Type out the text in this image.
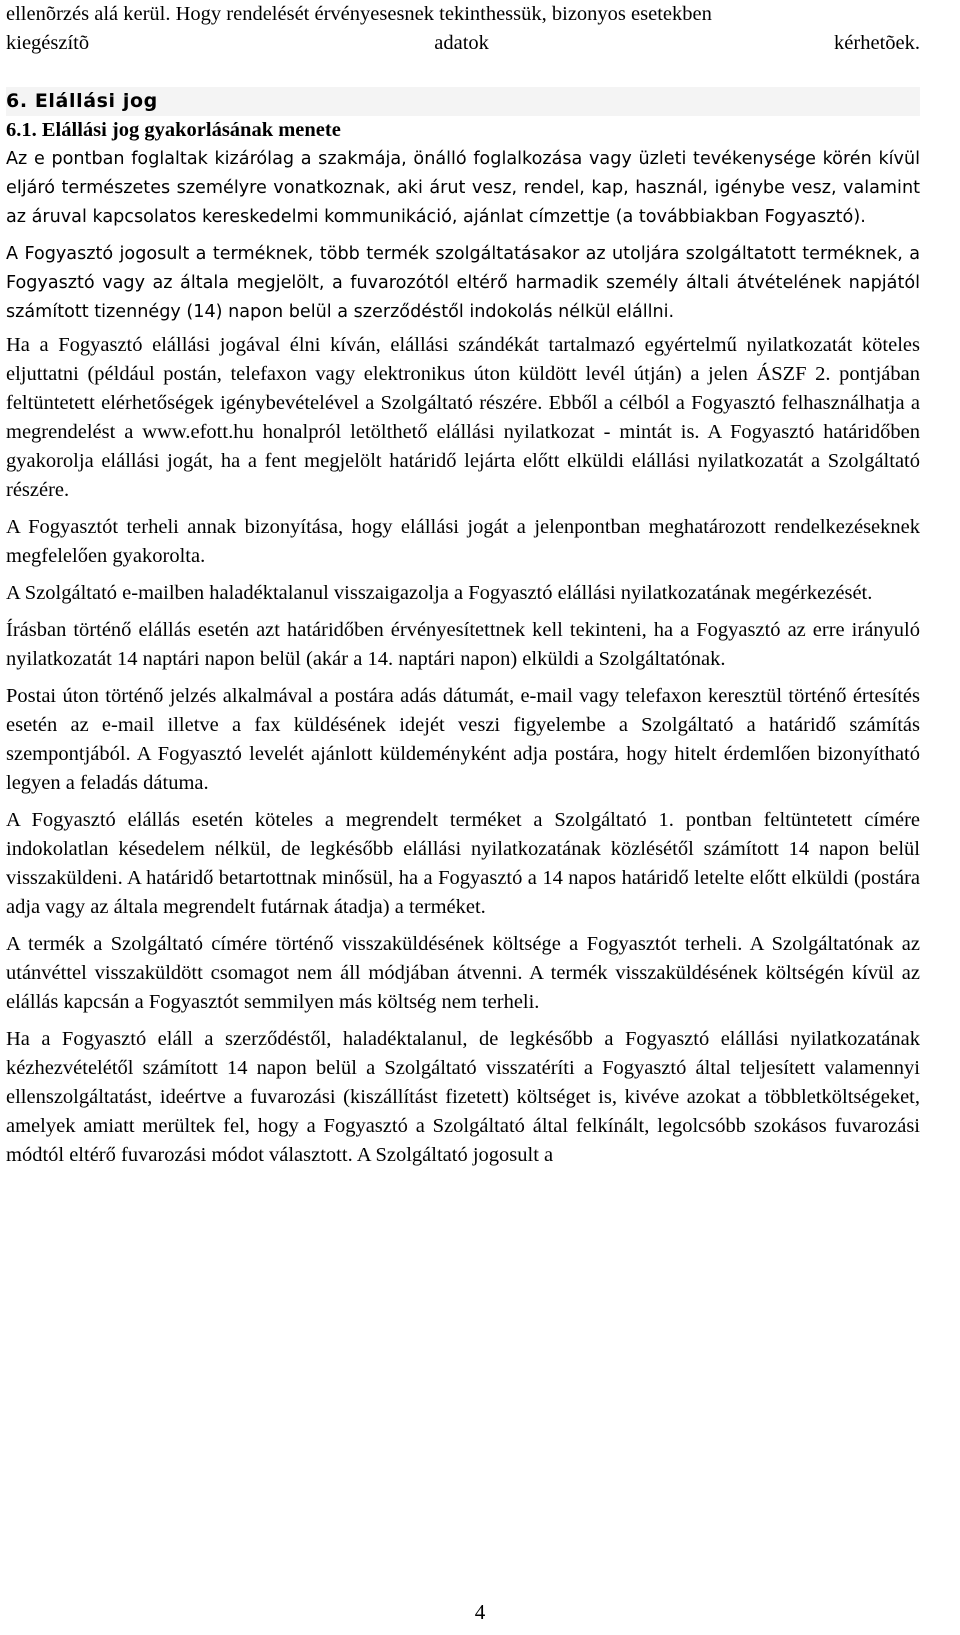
ellenõrzés alá kerül. Hogy rendelését érvényesesnek tekinthessük, bizonyos esetekben

kiegészítõ adatok kérhetõek.

6. Elállási jog

6.1. Elállási jog gyakorlásának menete

Az e pontban foglaltak kizárólag a szakmája, önálló foglalkozása vagy üzleti tevékenysége körén kívül eljáró természetes személyre vonatkoznak, aki árut vesz, rendel, kap, használ, igénybe vesz, valamint az áruval kapcsolatos kereskedelmi kommunikáció, ajánlat címzettje (a továbbiakban Fogyasztó).

A Fogyasztó jogosult a terméknek, több termék szolgáltatásakor az utoljára szolgáltatott terméknek, a Fogyasztó vagy az általa megjelölt, a fuvarozótól eltérő harmadik személy általi átvételének napjától számított tizennégy (14) napon belül a szerződéstől indokolás nélkül elállni.

Ha a Fogyasztó elállási jogával élni kíván, elállási szándékát tartalmazó egyértelmű nyilatkozatát köteles eljuttatni (például postán, telefaxon vagy elektronikus úton küldött levél útján) a jelen ÁSZF 2. pontjában feltüntetett elérhetőségek igénybevételével a Szolgáltató részére. Ebből a célból a Fogyasztó felhasználhatja a megrendelést a www.efott.hu honalpról letölthető elállási nyilatkozat - mintát is. A Fogyasztó határidőben gyakorolja elállási jogát, ha a fent megjelölt határidő lejárta előtt elküldi elállási nyilatkozatát a Szolgáltató részére.

A Fogyasztót terheli annak bizonyítása, hogy elállási jogát a jelenpontban meghatározott rendelkezéseknek megfelelően gyakorolta.

A Szolgáltató e-mailben haladéktalanul visszaigazolja a Fogyasztó elállási nyilatkozatának megérkezését.

Írásban történő elállás esetén azt határidőben érvényesítettnek kell tekinteni, ha a Fogyasztó az erre irányuló nyilatkozatát 14 naptári napon belül (akár a 14. naptári napon) elküldi a Szolgáltatónak.

Postai úton történő jelzés alkalmával a postára adás dátumát, e-mail vagy telefaxon keresztül történő értesítés esetén az e-mail illetve a fax küldésének idejét veszi figyelembe a Szolgáltató a határidő számítás szempontjából. A Fogyasztó levelét ajánlott küldeményként adja postára, hogy hitelt érdemlően bizonyítható legyen a feladás dátuma.

A Fogyasztó elállás esetén köteles a megrendelt terméket a Szolgáltató 1. pontban feltüntetett címére indokolatlan késedelem nélkül, de legkésőbb elállási nyilatkozatának közlésétől számított 14 napon belül visszaküldeni. A határidő betartottnak minősül, ha a Fogyasztó a 14 napos határidő letelte előtt elküldi (postára adja vagy az általa megrendelt futárnak átadja) a terméket.

A termék a Szolgáltató címére történő visszaküldésének költsége a Fogyasztót terheli. A Szolgáltatónak az utánvéttel visszaküldött csomagot nem áll módjában átvenni. A termék visszaküldésének költségén kívül az elállás kapcsán a Fogyasztót semmilyen más költség nem terheli.

Ha a Fogyasztó eláll a szerződéstől, haladéktalanul, de legkésőbb a Fogyasztó elállási nyilatkozatának kézhezvételétől számított 14 napon belül a Szolgáltató visszatéríti a Fogyasztó által teljesített valamennyi ellenszolgáltatást, ideértve a fuvarozási (kiszállítást fizetett) költséget is, kivéve azokat a többletköltségeket, amelyek amiatt merültek fel, hogy a Fogyasztó a Szolgáltató által felkínált, legolcsóbb szokásos fuvarozási módtól eltérő fuvarozási módot választott. A Szolgáltató jogosult a

4
